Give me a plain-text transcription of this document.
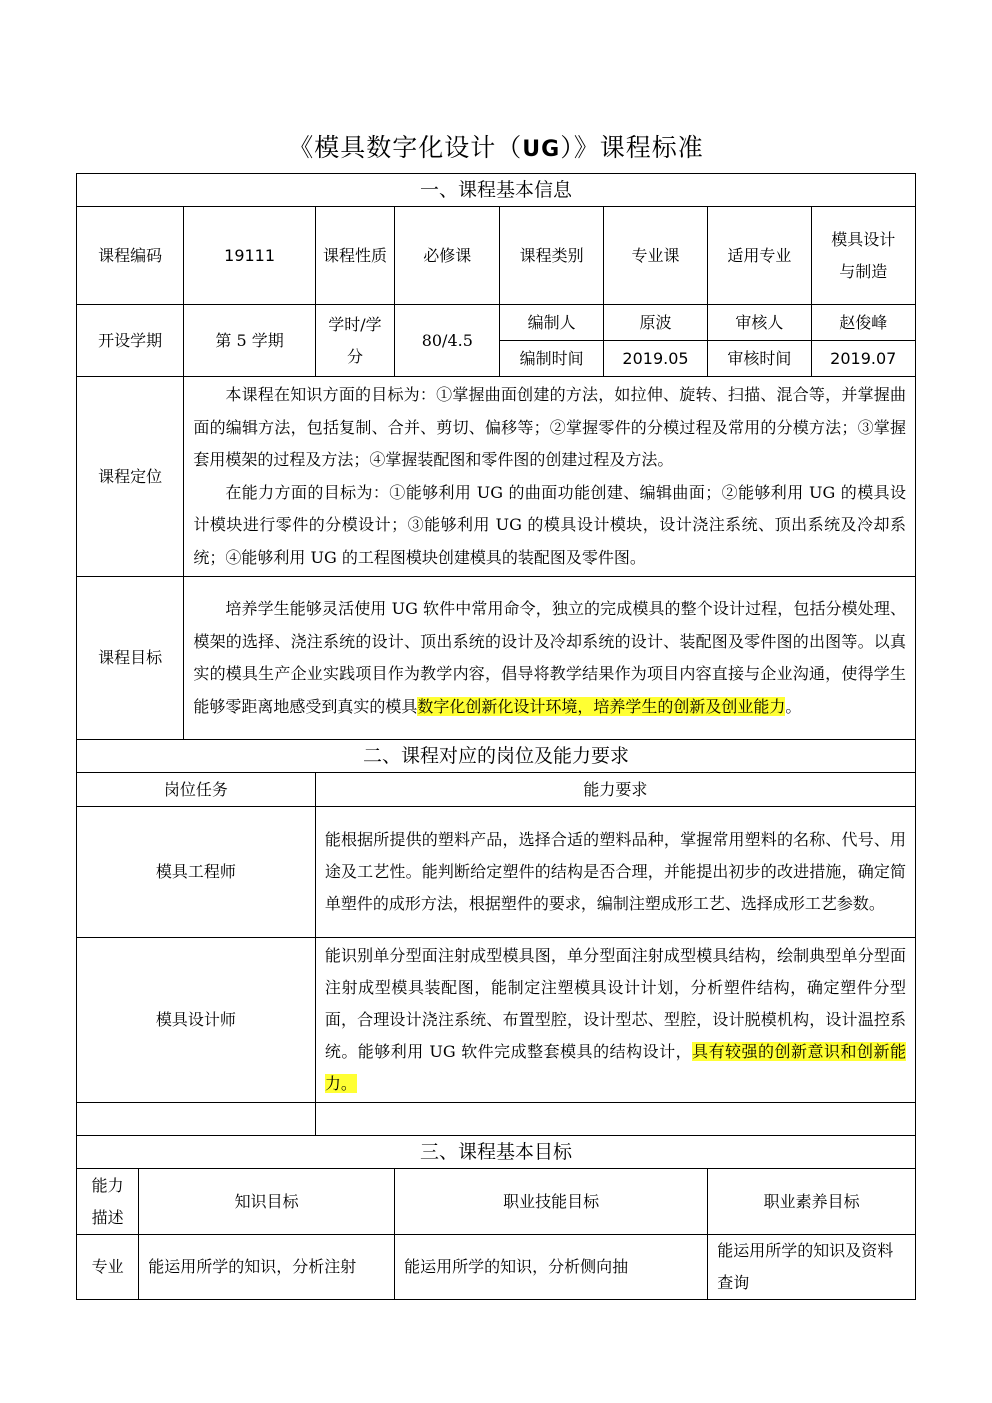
《模具数字化设计（UG）》课程标准
一、课程基本信息								
课程编码		19111	课程性质	必修课	课程类别	专业课	适用专业	模具设计与制造
开设学期		第 5 学期	学时/学分	80/4.5	编制人	原波	审核人	赵俊峰
					编制时间	2019.05	审核时间	2019.07
课程定位		本课程在知识方面的目标为：①掌握曲面创建的方法，如拉伸、旋转、扫描、混合等，并掌握曲面的编辑方法，包括复制、合并、剪切、偏移等；②掌握零件的分模过程及常用的分模方法；③掌握套用模架的过程及方法；④掌握装配图和零件图的创建过程及方法。

在能力方面的目标为：①能够利用 UG 的曲面功能创建、编辑曲面；②能够利用 UG 的模具设计模块进行零件的分模设计；③能够利用 UG 的模具设计模块，设计浇注系统、顶出系统及冷却系统；④能够利用 UG 的工程图模块创建模具的装配图及零件图。						

课程目标		培养学生能够灵活使用 UG 软件中常用命令，独立的完成模具的整个设计过程，包括分模处理、模架的选择、浇注系统的设计、顶出系统的设计及冷却系统的设计、装配图及零件图的出图等。以真实的模具生产企业实践项目作为教学内容，倡导将教学结果作为项目内容直接与企业沟通，使得学生能够零距离地感受到真实的模具数字化创新化设计环境，培养学生的创新及创业能力。						

二、课程对应的岗位及能力要求								
岗位任务			能力要求					
模具工程师			能根据所提供的塑料产品，选择合适的塑料品种，掌握常用塑料的名称、代号、用途及工艺性。能判断给定塑件的结构是否合理，并能提出初步的改进措施，确定简单塑件的成形方法，根据塑件的要求，编制注塑成形工艺、选择成形工艺参数。					
模具设计师			能识别单分型面注射成型模具图，单分型面注射成型模具结构，绘制典型单分型面注射成型模具装配图，能制定注塑模具设计计划，分析塑件结构，确定塑件分型面，合理设计浇注系统、布置型腔，设计型芯、型腔，设计脱模机构，设计温控系统。能够利用 UG 软件完成整套模具的结构设计，具有较强的创新意识和创新能力。					

三、课程基本目标								
能力描述	知识目标			职业技能目标			职业素养目标	
专业	能运用所学的知识，分析注射			能运用所学的知识，分析侧向抽			能运用所学的知识及资料查询	
